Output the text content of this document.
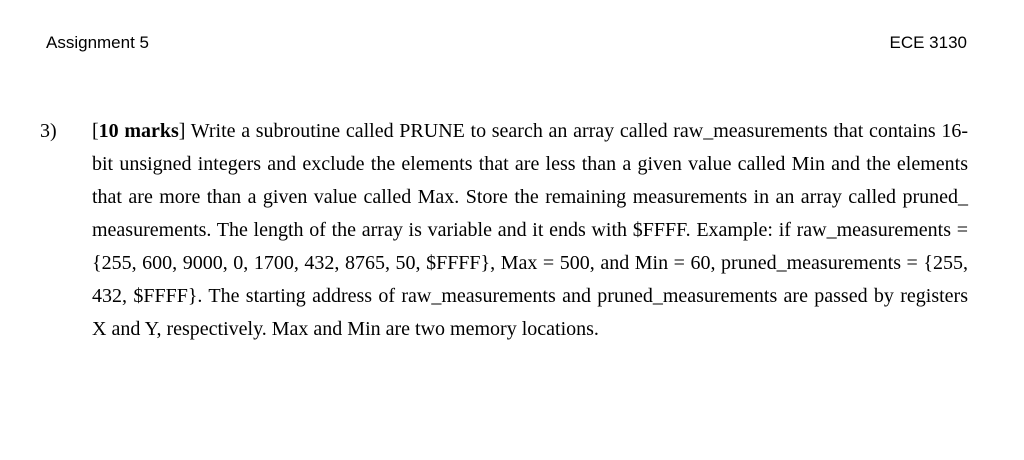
Assignment 5	ECE 3130
3) [10 marks] Write a subroutine called PRUNE to search an array called raw_measurements that contains 16-bit unsigned integers and exclude the elements that are less than a given value called Min and the elements that are more than a given value called Max. Store the remaining measurements in an array called pruned_ measurements. The length of the array is variable and it ends with $FFFF. Example: if raw_measurements = {255, 600, 9000, 0, 1700, 432, 8765, 50, $FFFF}, Max = 500, and Min = 60, pruned_measurements = {255, 432, $FFFF}. The starting address of raw_measurements and pruned_measurements are passed by registers X and Y, respectively. Max and Min are two memory locations.
